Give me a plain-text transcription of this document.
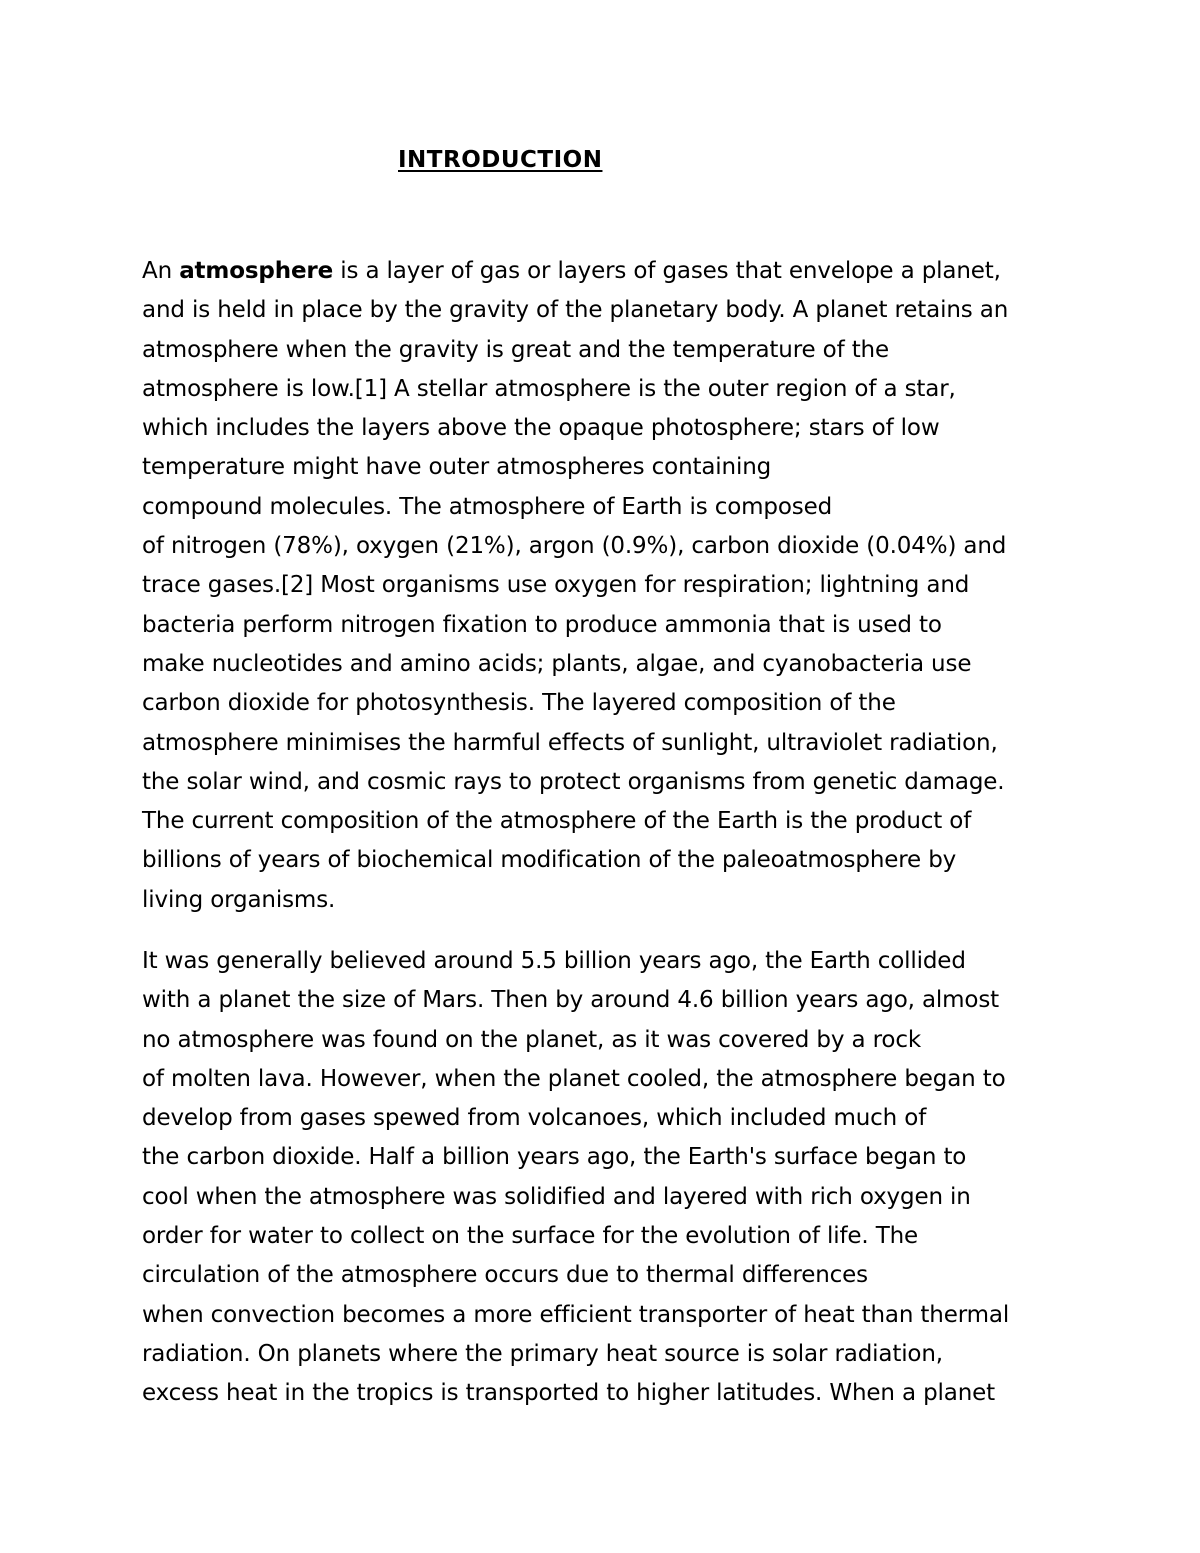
INTRODUCTION
An atmosphere is a layer of gas or layers of gases that envelope a planet,
and is held in place by the gravity of the planetary body. A planet retains an
atmosphere when the gravity is great and the temperature of the
atmosphere is low.[1] A stellar atmosphere is the outer region of a star,
which includes the layers above the opaque photosphere; stars of low
temperature might have outer atmospheres containing
compound molecules. The atmosphere of Earth is composed
of nitrogen (78%), oxygen (21%), argon (0.9%), carbon dioxide (0.04%) and
trace gases.[2] Most organisms use oxygen for respiration; lightning and
bacteria perform nitrogen fixation to produce ammonia that is used to
make nucleotides and amino acids; plants, algae, and cyanobacteria use
carbon dioxide for photosynthesis. The layered composition of the
atmosphere minimises the harmful effects of sunlight, ultraviolet radiation,
the solar wind, and cosmic rays to protect organisms from genetic damage.
The current composition of the atmosphere of the Earth is the product of
billions of years of biochemical modification of the paleoatmosphere by
living organisms.
It was generally believed around 5.5 billion years ago, the Earth collided
with a planet the size of Mars. Then by around 4.6 billion years ago, almost
no atmosphere was found on the planet, as it was covered by a rock
of molten lava. However, when the planet cooled, the atmosphere began to
develop from gases spewed from volcanoes, which included much of
the carbon dioxide. Half a billion years ago, the Earth's surface began to
cool when the atmosphere was solidified and layered with rich oxygen in
order for water to collect on the surface for the evolution of life. The
circulation of the atmosphere occurs due to thermal differences
when convection becomes a more efficient transporter of heat than thermal
radiation. On planets where the primary heat source is solar radiation,
excess heat in the tropics is transported to higher latitudes. When a planet
